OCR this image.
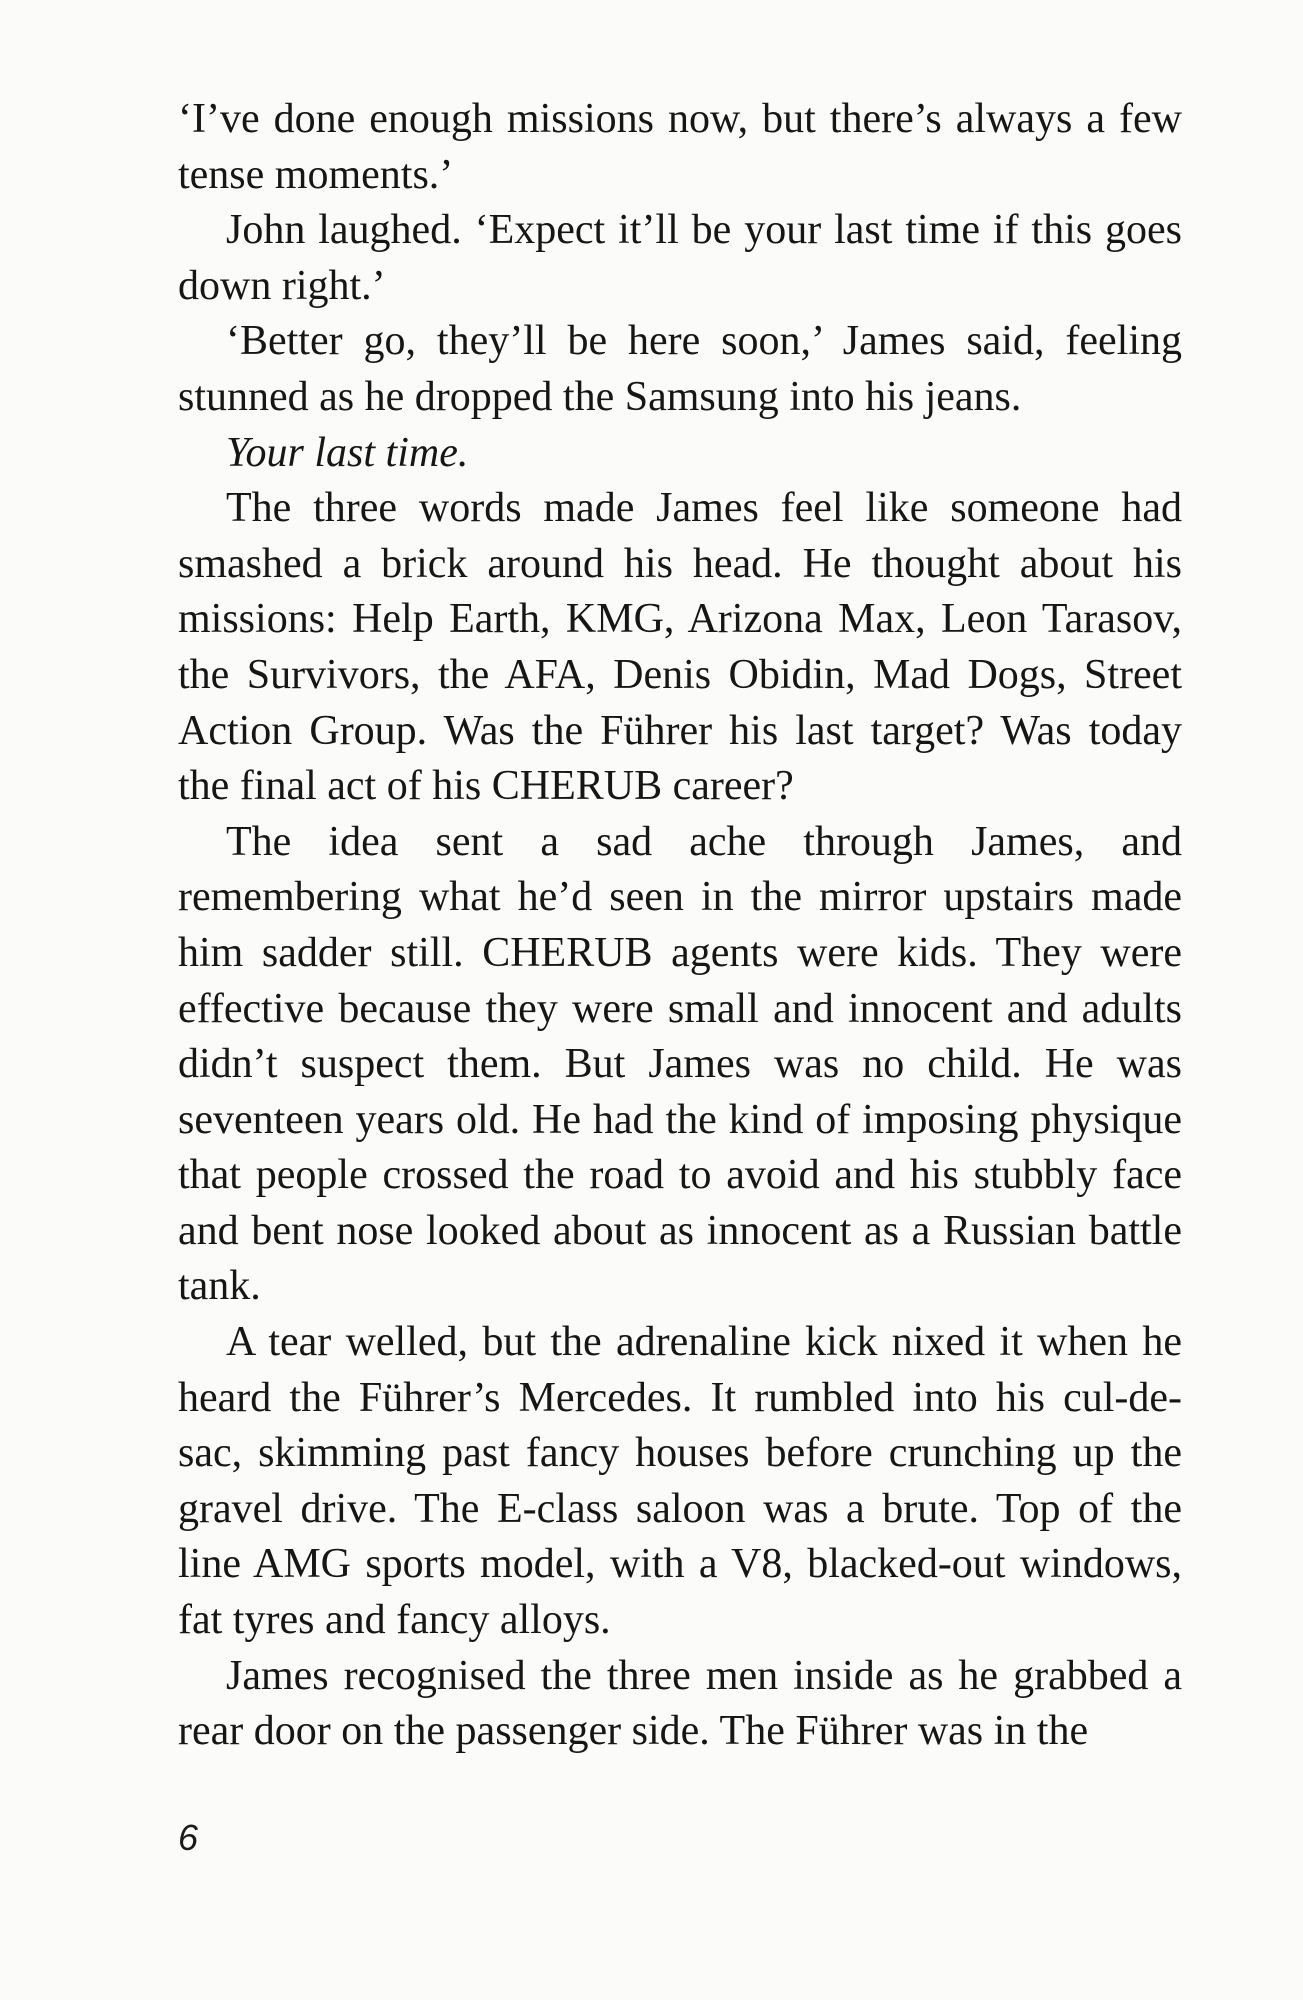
‘I’ve done enough missions now, but there’s always a few tense moments.’

John laughed. ‘Expect it’ll be your last time if this goes down right.’

‘Better go, they’ll be here soon,’ James said, feeling stunned as he dropped the Samsung into his jeans.

Your last time.

The three words made James feel like someone had smashed a brick around his head. He thought about his missions: Help Earth, KMG, Arizona Max, Leon Tarasov, the Survivors, the AFA, Denis Obidin, Mad Dogs, Street Action Group. Was the Führer his last target? Was today the final act of his CHERUB career?

The idea sent a sad ache through James, and remembering what he’d seen in the mirror upstairs made him sadder still. CHERUB agents were kids. They were effective because they were small and innocent and adults didn’t suspect them. But James was no child. He was seventeen years old. He had the kind of imposing physique that people crossed the road to avoid and his stubbly face and bent nose looked about as innocent as a Russian battle tank.

A tear welled, but the adrenaline kick nixed it when he heard the Führer’s Mercedes. It rumbled into his cul-de-sac, skimming past fancy houses before crunching up the gravel drive. The E-class saloon was a brute. Top of the line AMG sports model, with a V8, blacked-out windows, fat tyres and fancy alloys.

James recognised the three men inside as he grabbed a rear door on the passenger side. The Führer was in the

6
